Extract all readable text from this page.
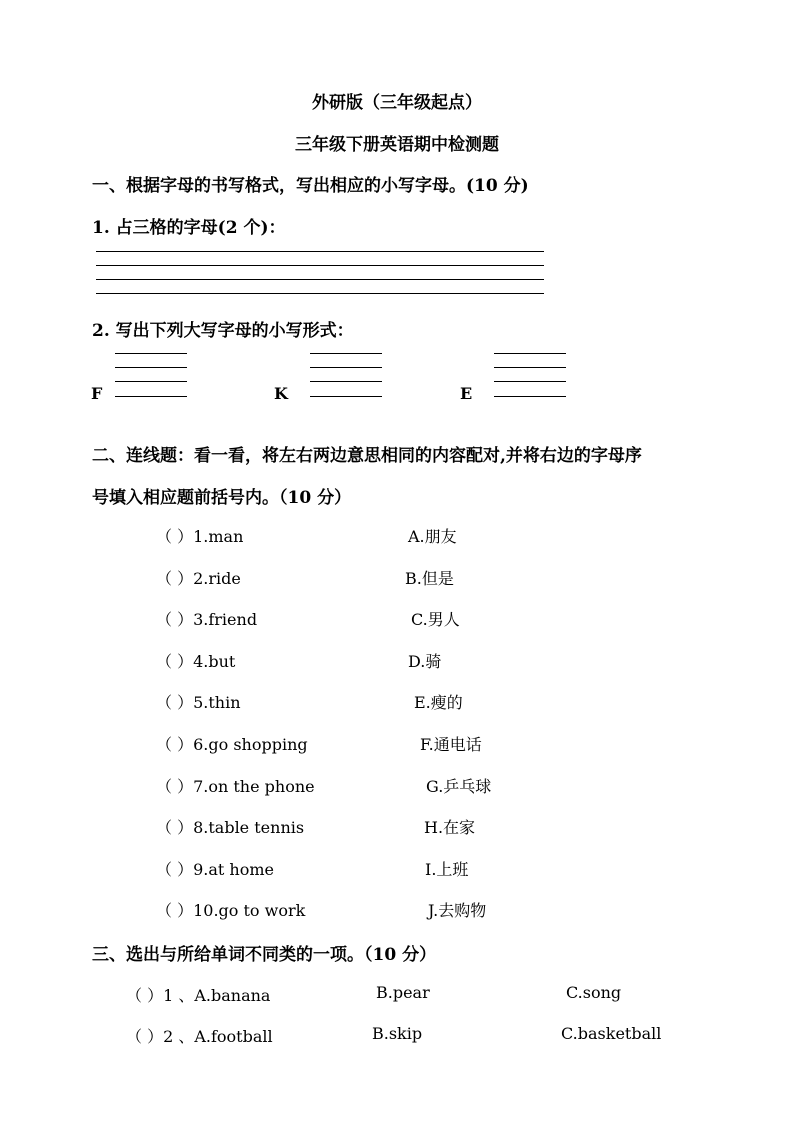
外研版（三年级起点）
三年级下册英语期中检测题
一、根据字母的书写格式，写出相应的小写字母。(10 分)
1. 占三格的字母(2 个)：
2. 写出下列大写字母的小写形式：
F	K	E
二、连线题：看一看，将左右两边意思相同的内容配对,并将右边的字母序
号填入相应题前括号内。（10 分）
（ ）1.man	A.朋友
（ ）2.ride	B.但是
（ ）3.friend	C.男人
（ ）4.but	D.骑
（ ）5.thin	E.瘦的
（ ）6.go shopping	F.通电话
（ ）7.on the phone	G.乒乓球
（ ）8.table tennis	H.在家
（ ）9.at home	I.上班
（ ）10.go to work	J.去购物
三、选出与所给单词不同类的一项。（10 分）
（ ）1 、A.banana	B.pear	C.song
（ ）2 、A.football	B.skip	C.basketball
